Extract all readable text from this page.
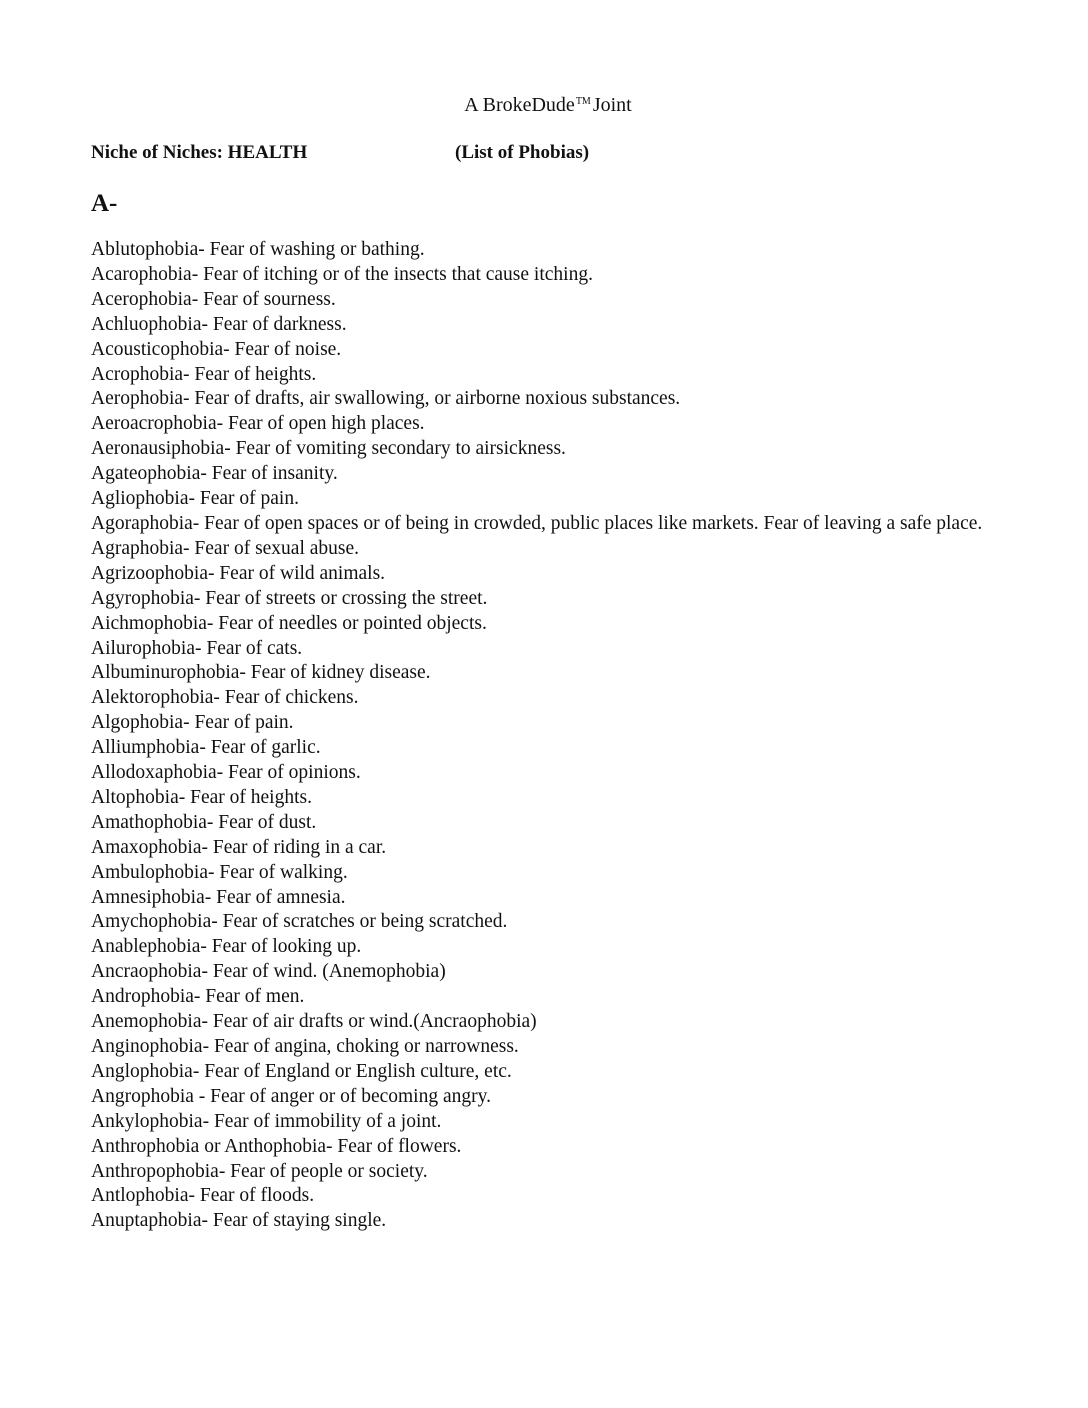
A BrokeDude™ Joint
Niche of Niches: HEALTH	(List of Phobias)
A-
Ablutophobia- Fear of washing or bathing.
Acarophobia- Fear of itching or of the insects that cause itching.
Acerophobia- Fear of sourness.
Achluophobia- Fear of darkness.
Acousticophobia- Fear of noise.
Acrophobia- Fear of heights.
Aerophobia- Fear of drafts, air swallowing, or airborne noxious substances.
Aeroacrophobia- Fear of open high places.
Aeronausiphobia- Fear of vomiting secondary to airsickness.
Agateophobia- Fear of insanity.
Agliophobia- Fear of pain.
Agoraphobia- Fear of open spaces or of being in crowded, public places like markets. Fear of leaving a safe place.
Agraphobia- Fear of sexual abuse.
Agrizoophobia- Fear of wild animals.
Agyrophobia- Fear of streets or crossing the street.
Aichmophobia- Fear of needles or pointed objects.
Ailurophobia- Fear of cats.
Albuminurophobia- Fear of kidney disease.
Alektorophobia- Fear of chickens.
Algophobia- Fear of pain.
Alliumphobia- Fear of garlic.
Allodoxaphobia- Fear of opinions.
Altophobia- Fear of heights.
Amathophobia- Fear of dust.
Amaxophobia- Fear of riding in a car.
Ambulophobia- Fear of walking.
Amnesiphobia- Fear of amnesia.
Amychophobia- Fear of scratches or being scratched.
Anablephobia- Fear of looking up.
Ancraophobia- Fear of wind. (Anemophobia)
Androphobia- Fear of men.
Anemophobia- Fear of air drafts or wind.(Ancraophobia)
Anginophobia- Fear of angina, choking or narrowness.
Anglophobia- Fear of England or English culture, etc.
Angrophobia - Fear of anger or of becoming angry.
Ankylophobia- Fear of immobility of a joint.
Anthrophobia or Anthophobia- Fear of flowers.
Anthropophobia- Fear of people or society.
Antlophobia- Fear of floods.
Anuptaphobia- Fear of staying single.
